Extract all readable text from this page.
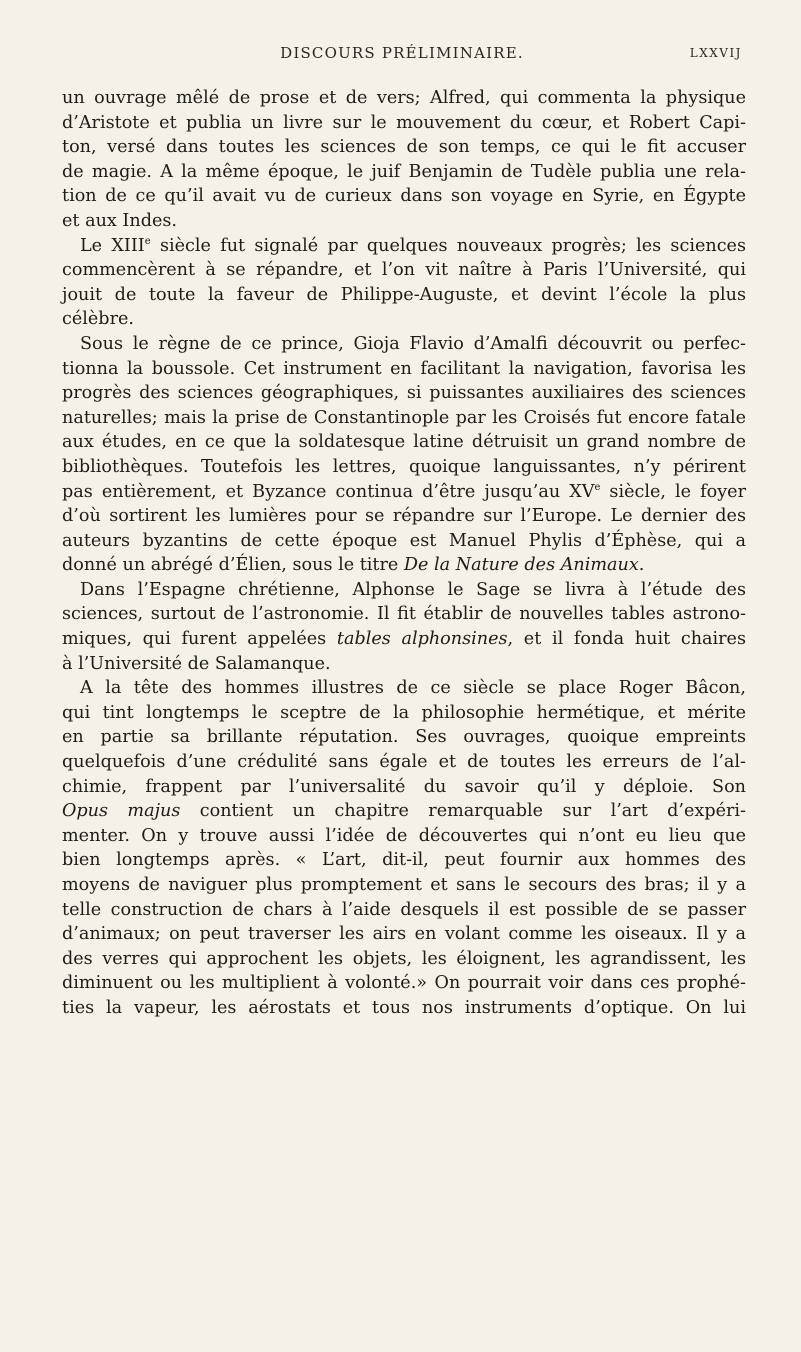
DISCOURS PRÉLIMINAIRE.	LXXVIJ
un ouvrage mêlé de prose et de vers; Alfred, qui commenta la physique
d’Aristote et publia un livre sur le mouvement du cœur, et Robert Capi-
ton, versé dans toutes les sciences de son temps, ce qui le fit accuser
de magie. A la même époque, le juif Benjamin de Tudèle publia une rela-
tion de ce qu’il avait vu de curieux dans son voyage en Syrie, en Égypte
et aux Indes.
Le XIIIe siècle fut signalé par quelques nouveaux progrès; les sciences
commencèrent à se répandre, et l’on vit naître à Paris l’Université, qui
jouit de toute la faveur de Philippe-Auguste, et devint l’école la plus
célèbre.
Sous le règne de ce prince, Gioja Flavio d’Amalfi découvrit ou perfec-
tionna la boussole. Cet instrument en facilitant la navigation, favorisa les
progrès des sciences géographiques, si puissantes auxiliaires des sciences
naturelles; mais la prise de Constantinople par les Croisés fut encore fatale
aux études, en ce que la soldatesque latine détruisit un grand nombre de
bibliothèques. Toutefois les lettres, quoique languissantes, n’y périrent
pas entièrement, et Byzance continua d’être jusqu’au XVe siècle, le foyer
d’où sortirent les lumières pour se répandre sur l’Europe. Le dernier des
auteurs byzantins de cette époque est Manuel Phylis d’Éphèse, qui a
donné un abrégé d’Élien, sous le titre De la Nature des Animaux.
Dans l’Espagne chrétienne, Alphonse le Sage se livra à l’étude des
sciences, surtout de l’astronomie. Il fit établir de nouvelles tables astrono-
miques, qui furent appelées tables alphonsines, et il fonda huit chaires
à l’Université de Salamanque.
A la tête des hommes illustres de ce siècle se place Roger Bâcon,
qui tint longtemps le sceptre de la philosophie hermétique, et mérite
en partie sa brillante réputation. Ses ouvrages, quoique empreints
quelquefois d’une crédulité sans égale et de toutes les erreurs de l’al-
chimie, frappent par l’universalité du savoir qu’il y déploie. Son
Opus majus contient un chapitre remarquable sur l’art d’expéri-
menter. On y trouve aussi l’idée de découvertes qui n’ont eu lieu que
bien longtemps après. « L’art, dit-il, peut fournir aux hommes des
moyens de naviguer plus promptement et sans le secours des bras; il y a
telle construction de chars à l’aide desquels il est possible de se passer
d’animaux; on peut traverser les airs en volant comme les oiseaux. Il y a
des verres qui approchent les objets, les éloignent, les agrandissent, les
diminuent ou les multiplient à volonté.» On pourrait voir dans ces prophé-
ties la vapeur, les aérostats et tous nos instruments d’optique. On lui
